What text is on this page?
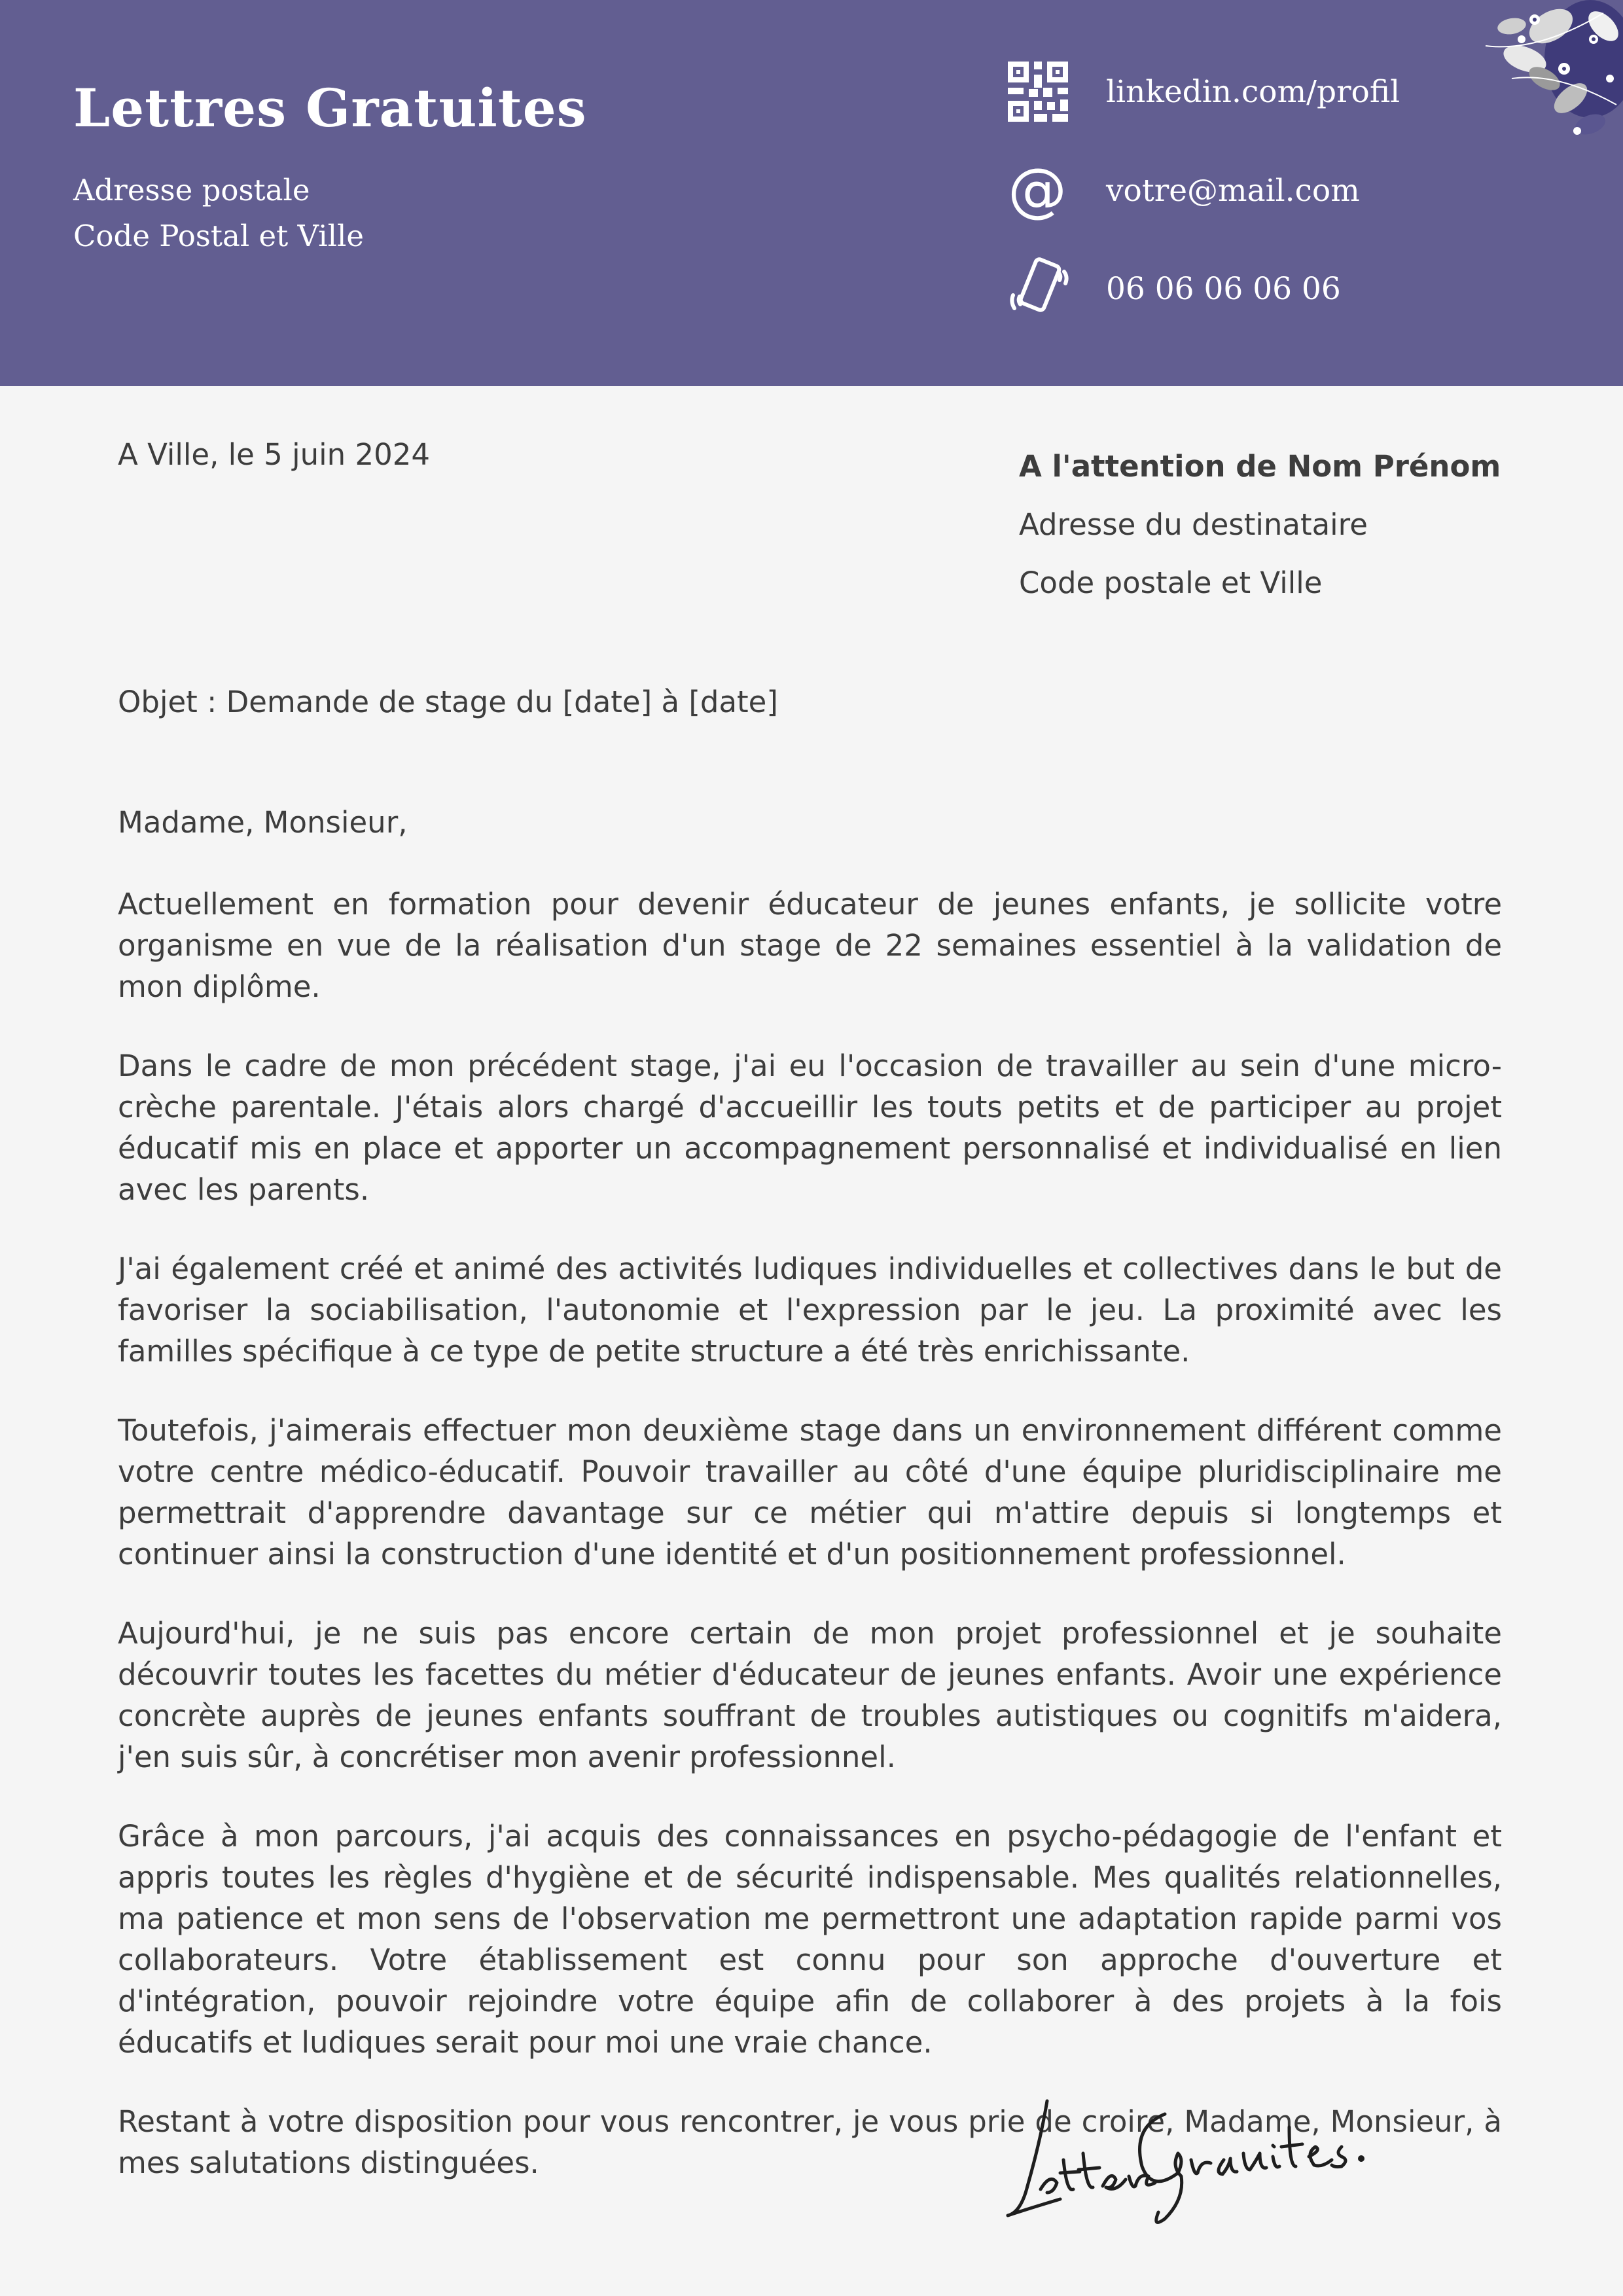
Lettres Gratuites
Adresse postale
Code Postal et Ville
linkedin.com/profil
@ votre@mail.com
06 06 06 06 06
A Ville, le 5 juin 2024	A l'attention de Nom Prénom
Adresse du destinataire
Code postale et Ville
Objet : Demande de stage du [date] à [date]
Madame, Monsieur,

Actuellement en formation pour devenir éducateur de jeunes enfants, je sollicite votre organisme en vue de la réalisation d'un stage de 22 semaines essentiel à la validation de mon diplôme.

Dans le cadre de mon précédent stage, j'ai eu l'occasion de travailler au sein d'une micro-crèche parentale. J'étais alors chargé d'accueillir les touts petits et de participer au projet éducatif mis en place et apporter un accompagnement personnalisé et individualisé en lien avec les parents.

J'ai également créé et animé des activités ludiques individuelles et collectives dans le but de favoriser la sociabilisation, l'autonomie et l'expression par le jeu. La proximité avec les familles spécifique à ce type de petite structure a été très enrichissante.

Toutefois, j'aimerais effectuer mon deuxième stage dans un environnement différent comme votre centre médico-éducatif. Pouvoir travailler au côté d'une équipe pluridisciplinaire me permettrait d'apprendre davantage sur ce métier qui m'attire depuis si longtemps et continuer ainsi la construction d'une identité et d'un positionnement professionnel.

Aujourd'hui, je ne suis pas encore certain de mon projet professionnel et je souhaite découvrir toutes les facettes du métier d'éducateur de jeunes enfants. Avoir une expérience concrète auprès de jeunes enfants souffrant de troubles autistiques ou cognitifs m'aidera, j'en suis sûr, à concrétiser mon avenir professionnel.

Grâce à mon parcours, j'ai acquis des connaissances en psycho-pédagogie de l'enfant et appris toutes les règles d'hygiène et de sécurité indispensable. Mes qualités relationnelles, ma patience et mon sens de l'observation me permettront une adaptation rapide parmi vos collaborateurs. Votre établissement est connu pour son approche d'ouverture et d'intégration, pouvoir rejoindre votre équipe afin de collaborer à des projets à la fois éducatifs et ludiques serait pour moi une vraie chance.

Restant à votre disposition pour vous rencontrer, je vous prie de croire, Madame, Monsieur, à mes salutations distinguées.
